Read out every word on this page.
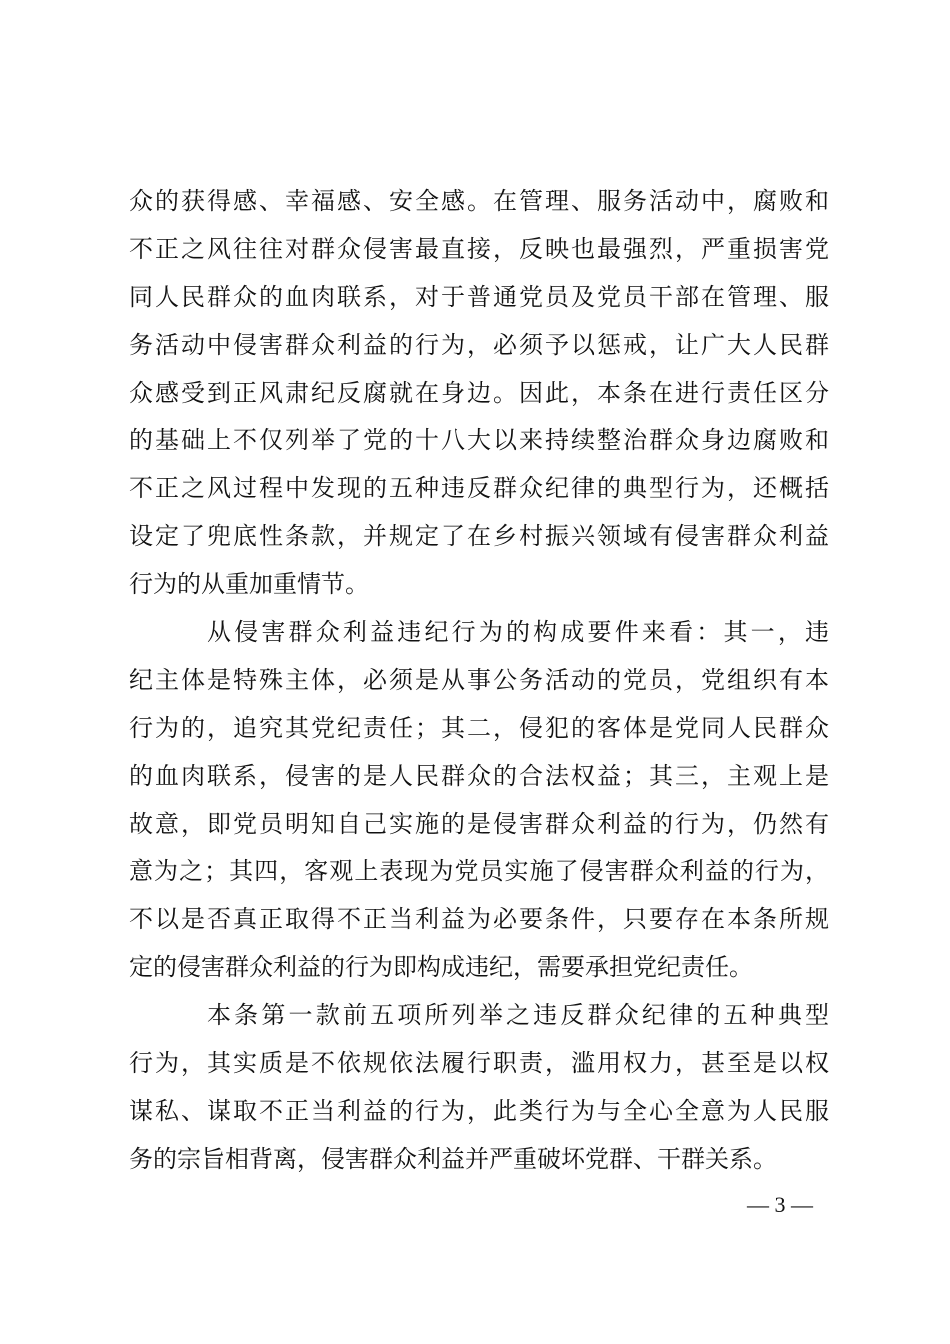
众的获得感、幸福感、安全感。在管理、服务活动中，腐败和
不正之风往往对群众侵害最直接，反映也最强烈，严重损害党
同人民群众的血肉联系，对于普通党员及党员干部在管理、服
务活动中侵害群众利益的行为，必须予以惩戒，让广大人民群
众感受到正风肃纪反腐就在身边。因此，本条在进行责任区分
的基础上不仅列举了党的十八大以来持续整治群众身边腐败和
不正之风过程中发现的五种违反群众纪律的典型行为，还概括
设定了兜底性条款，并规定了在乡村振兴领域有侵害群众利益
行为的从重加重情节。
从侵害群众利益违纪行为的构成要件来看：其一，违
纪主体是特殊主体，必须是从事公务活动的党员，党组织有本
行为的，追究其党纪责任；其二，侵犯的客体是党同人民群众
的血肉联系，侵害的是人民群众的合法权益；其三，主观上是
故意，即党员明知自己实施的是侵害群众利益的行为，仍然有
意为之；其四，客观上表现为党员实施了侵害群众利益的行为，
不以是否真正取得不正当利益为必要条件，只要存在本条所规
定的侵害群众利益的行为即构成违纪，需要承担党纪责任。
本条第一款前五项所列举之违反群众纪律的五种典型
行为，其实质是不依规依法履行职责，滥用权力，甚至是以权
谋私、谋取不正当利益的行为，此类行为与全心全意为人民服
务的宗旨相背离，侵害群众利益并严重破坏党群、干群关系。
— 3 —
